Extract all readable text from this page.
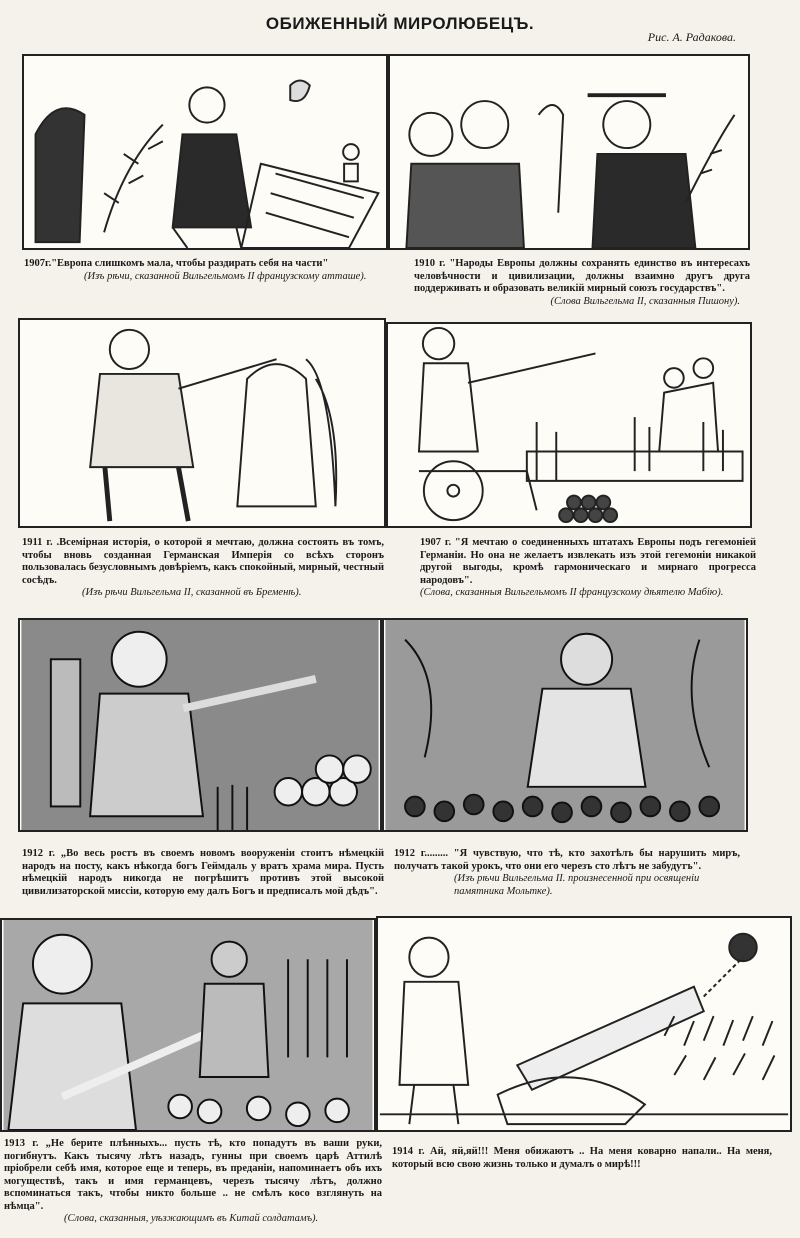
ОБИЖЕННЫЙ МИРОЛЮБЕЦЪ.
Рис. А. Радакова.
1907г."Европа слишкомъ мала, чтобы раздирать себя на части"
(Изъ рѣчи, сказанной Вильгельмомъ II французскому атташе).
1910 г. "Народы Европы должны сохранять единство въ интересахъ человѣчности и цивилизации, должны взаимно другъ друга поддерживать и образовать великiй мирный союзъ государствъ".
(Слова Вильгельма II, сказанныя Пишону).
1911 г. .Всемiрная исторiя, о которой я мечтаю, должна состоять въ томъ, чтобы вновь созданная Германская Имперiя со всѣхъ сторонъ пользовалась безусловнымъ довѣрiемъ, какъ спокойный, мирный, честный сосѣдъ.
(Изъ рѣчи Вильгельма II, сказанной въ Бременѣ).
1907 г. "Я мечтаю о соединенныхъ штатахъ Европы подъ гегемонiей Германiи. Но она не желаетъ извлекать изъ этой гегемонiи никакой другой выгоды, кромѣ гармоническаго и мирнаго прогресса народовъ".
(Слова, сказанныя Вильгельмомъ II французскому дѣятелю Мабiю).
1912 г. „Во весь ростъ въ своемъ новомъ вооруженiи стоитъ нѣмецкiй народъ на посту, какъ нѣкогда богъ Геймдаль у вратъ храма мира. Пусть нѣмецкiй народъ никогда не погрѣшитъ противъ этой высокой цивилизаторской миссiи, которую ему далъ Богъ и предписалъ мой дѣдъ".
1912 г......... "Я чувствую, что тѣ, кто захотѣлъ бы нарушить миръ, получатъ такой урокъ, что они его черезъ сто лѣтъ не забудутъ".
(Изъ рѣчи Вильгельма II. произнесенной при освященiи памятника Мольтке).
1913 г. „Не берите плѣнныхъ... пусть тѣ, кто попадутъ въ ваши руки, погибнутъ. Какъ тысячу лѣтъ назадъ, гунны при своемъ царѣ Аттилѣ пріобрели себѣ имя, которое еще и теперь, въ преданiи, напоминаетъ объ ихъ могуществѣ, такъ и имя германцевъ, черезъ тысячу лѣтъ, должно вспоминаться такъ, чтобы никто больше .. не смѣлъ косо взглянуть на нѣмца".
(Слова, сказанныя, уѣзжающимъ въ Китай солдатамъ).
1914 г. Ай, яй,яй!!! Меня обижаютъ .. На меня коварно напали.. На меня, который всю свою жизнь только и думалъ о мирѣ!!!
